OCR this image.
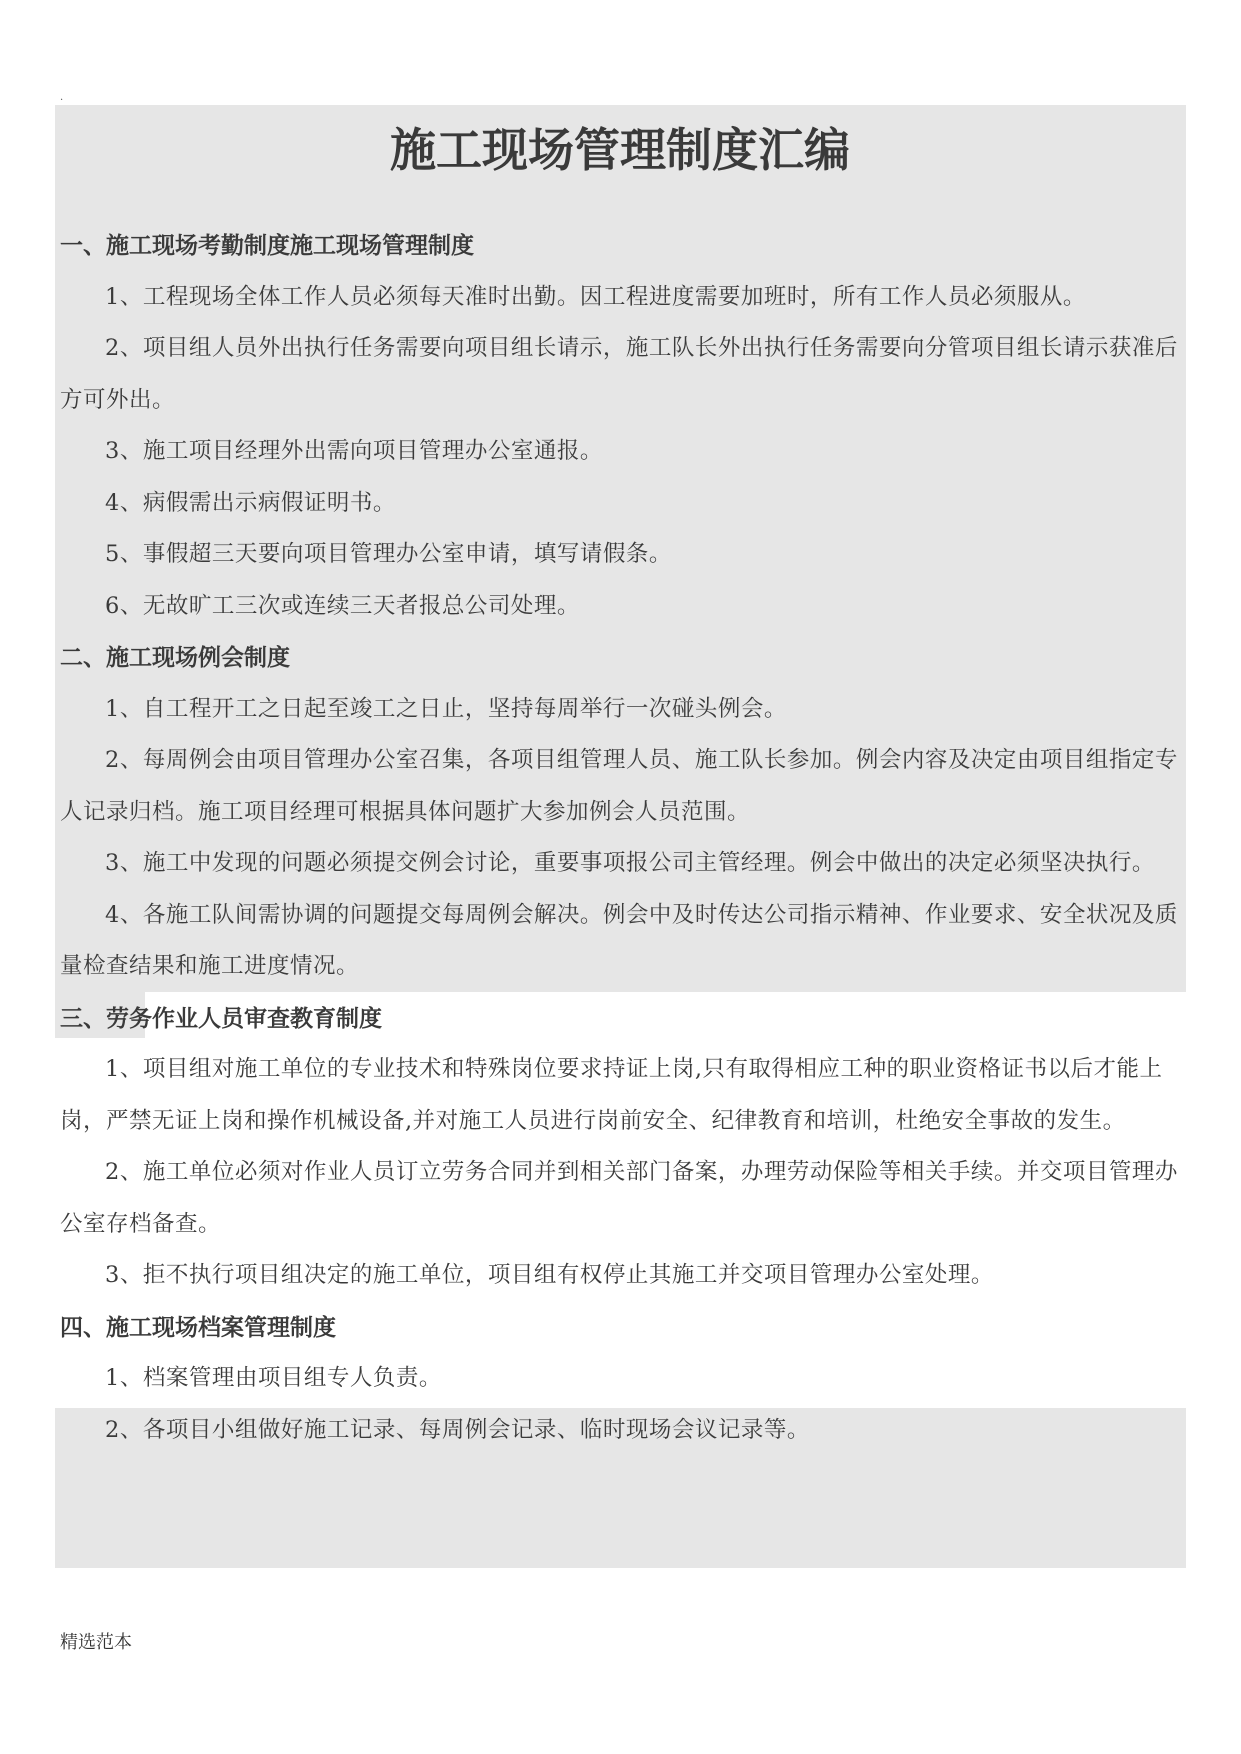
.
施工现场管理制度汇编
一、施工现场考勤制度施工现场管理制度

1、工程现场全体工作人员必须每天准时出勤。因工程进度需要加班时，所有工作人员必须服从。

2、项目组人员外出执行任务需要向项目组长请示，施工队长外出执行任务需要向分管项目组长请示获准后方可外出。

3、施工项目经理外出需向项目管理办公室通报。

4、病假需出示病假证明书。

5、事假超三天要向项目管理办公室申请，填写请假条。

6、无故旷工三次或连续三天者报总公司处理。

二、施工现场例会制度

1、自工程开工之日起至竣工之日止，坚持每周举行一次碰头例会。

2、每周例会由项目管理办公室召集，各项目组管理人员、施工队长参加。例会内容及决定由项目组指定专人记录归档。施工项目经理可根据具体问题扩大参加例会人员范围。

3、施工中发现的问题必须提交例会讨论，重要事项报公司主管经理。例会中做出的决定必须坚决执行。

4、各施工队间需协调的问题提交每周例会解决。例会中及时传达公司指示精神、作业要求、安全状况及质量检查结果和施工进度情况。

三、劳务作业人员审查教育制度

1、项目组对施工单位的专业技术和特殊岗位要求持证上岗,只有取得相应工种的职业资格证书以后才能上岗，严禁无证上岗和操作机械设备,并对施工人员进行岗前安全、纪律教育和培训，杜绝安全事故的发生。

2、施工单位必须对作业人员订立劳务合同并到相关部门备案，办理劳动保险等相关手续。并交项目管理办公室存档备查。

3、拒不执行项目组决定的施工单位，项目组有权停止其施工并交项目管理办公室处理。

四、施工现场档案管理制度

1、档案管理由项目组专人负责。

2、各项目小组做好施工记录、每周例会记录、临时现场会议记录等。

精选范本
